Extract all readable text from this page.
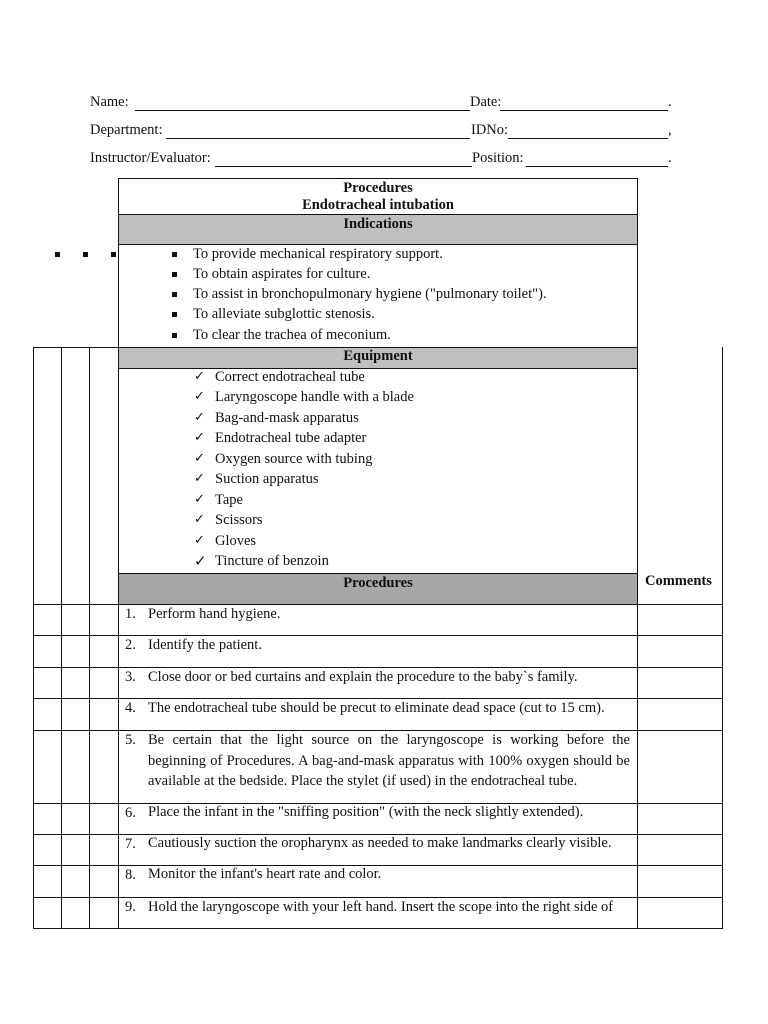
Name:	Date:	.
Department:	IDNo:	,
Instructor/Evaluator:	Position:	.
Procedures
Endotracheal intubation
Indications
Equipment
Procedures	Comments
To provide mechanical respiratory support.
To obtain aspirates for culture.
To assist in bronchopulmonary hygiene ("pulmonary toilet").
To alleviate subglottic stenosis.
To clear the trachea of meconium.
✓ Correct endotracheal tube
✓ Laryngoscope handle with a blade
✓ Bag-and-mask apparatus
✓ Endotracheal tube adapter
✓ Oxygen source with tubing
✓ Suction apparatus
✓ Tape
✓ Scissors
✓ Gloves
✓ Tincture of benzoin
1. Perform hand hygiene.
2. Identify the patient.
3. Close door or bed curtains and explain the procedure to the baby`s family.
4. The endotracheal tube should be precut to eliminate dead space (cut to 15 cm).
5. Be certain that the light source on the laryngoscope is working before the beginning of Procedures. A bag-and-mask apparatus with 100% oxygen should be available at the bedside. Place the stylet (if used) in the endotracheal tube.
6. Place the infant in the "sniffing position" (with the neck slightly extended).
7. Cautiously suction the oropharynx as needed to make landmarks clearly visible.
8. Monitor the infant's heart rate and color.
9. Hold the laryngoscope with your left hand. Insert the scope into the right side of
